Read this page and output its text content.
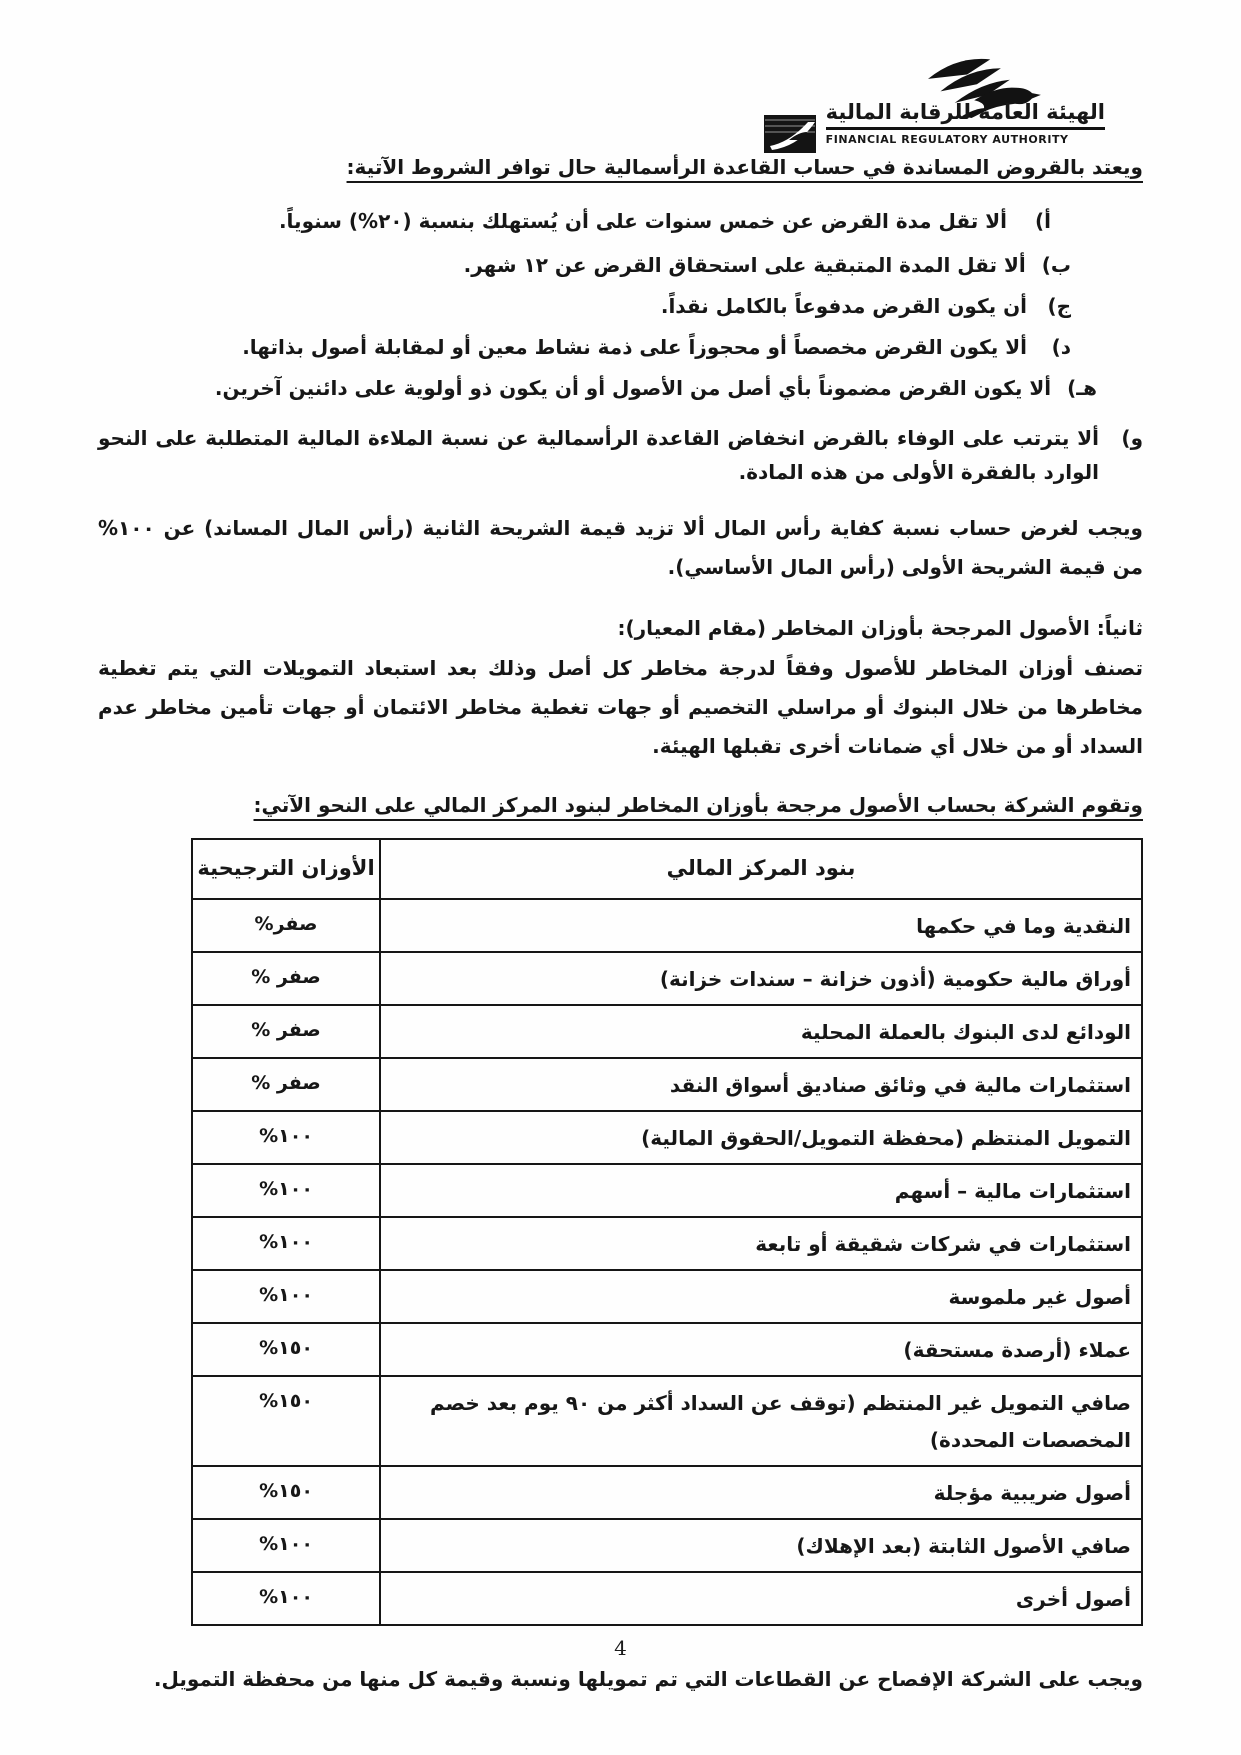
الهيئة العامة للرقابة المالية
FINANCIAL REGULATORY AUTHORITY

ويعتد بالقروض المساندة في حساب القاعدة الرأسمالية حال توافر الشروط الآتية:

أ)
ألا تقل مدة القرض عن خمس سنوات على أن يُستهلك بنسبة (٢٠%) سنوياً.
ب)
ألا تقل المدة المتبقية على استحقاق القرض عن ١٢ شهر.
ج)
أن يكون القرض مدفوعاً بالكامل نقداً.
د)
ألا يكون القرض مخصصاً أو محجوزاً على ذمة نشاط معين أو لمقابلة أصول بذاتها.
هـ)
ألا يكون القرض مضموناً بأي أصل من الأصول أو أن يكون ذو أولوية على دائنين آخرين.
و)
ألا يترتب على الوفاء بالقرض انخفاض القاعدة الرأسمالية عن نسبة الملاءة المالية المتطلبة على النحو الوارد بالفقرة الأولى من هذه المادة.

ويجب لغرض حساب نسبة كفاية رأس المال ألا تزيد قيمة الشريحة الثانية (رأس المال المساند) عن ١٠٠% من قيمة الشريحة الأولى (رأس المال الأساسي).

ثانياً: الأصول المرجحة بأوزان المخاطر (مقام المعيار):

تصنف أوزان المخاطر للأصول وفقاً لدرجة مخاطر كل أصل وذلك بعد استبعاد التمويلات التي يتم تغطية مخاطرها من خلال البنوك أو مراسلي التخصيم أو جهات تغطية مخاطر الائتمان أو جهات تأمين مخاطر عدم السداد أو من خلال أي ضمانات أخرى تقبلها الهيئة.

وتقوم الشركة بحساب الأصول مرجحة بأوزان المخاطر لبنود المركز المالي على النحو الآتي:

بنود المركز المالي	الأوزان الترجيحية
النقدية وما في حكمها	صفر%
أوراق مالية حكومية (أذون خزانة – سندات خزانة)	صفر %
الودائع لدى البنوك بالعملة المحلية	صفر %
استثمارات مالية في وثائق صناديق أسواق النقد	صفر %
التمويل المنتظم (محفظة التمويل/الحقوق المالية)	١٠٠%
استثمارات مالية – أسهم	١٠٠%
استثمارات في شركات شقيقة أو تابعة	١٠٠%
أصول غير ملموسة	١٠٠%
عملاء (أرصدة مستحقة)	١٥٠%
صافي التمويل غير المنتظم (توقف عن السداد أكثر من ٩٠ يوم بعد خصم المخصصات المحددة)	١٥٠%
أصول ضريبية مؤجلة	١٥٠%
صافي الأصول الثابتة (بعد الإهلاك)	١٠٠%
أصول أخرى	١٠٠%

ويجب على الشركة الإفصاح عن القطاعات التي تم تمويلها ونسبة وقيمة كل منها من محفظة التمويل.

4
